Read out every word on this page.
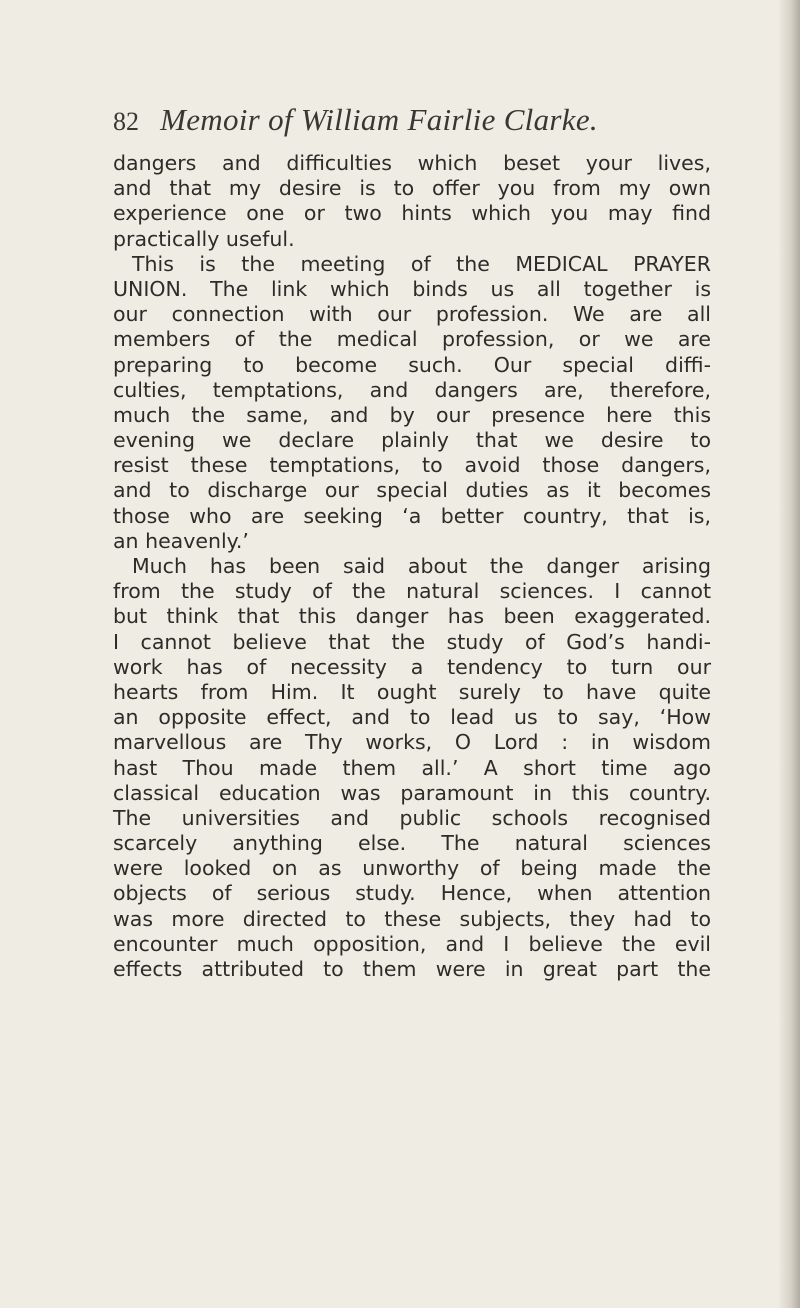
82 Memoir of William Fairlie Clarke.
dangers and difficulties which beset your lives,
and that my desire is to offer you from my own
experience one or two hints which you may find
practically useful.
This is the meeting of the MEDICAL PRAYER
UNION. The link which binds us all together is
our connection with our profession. We are all
members of the medical profession, or we are
preparing to become such. Our special diffi-
culties, temptations, and dangers are, therefore,
much the same, and by our presence here this
evening we declare plainly that we desire to
resist these temptations, to avoid those dangers,
and to discharge our special duties as it becomes
those who are seeking ‘a better country, that is,
an heavenly.’
Much has been said about the danger arising
from the study of the natural sciences. I cannot
but think that this danger has been exaggerated.
I cannot believe that the study of God’s handi-
work has of necessity a tendency to turn our
hearts from Him. It ought surely to have quite
an opposite effect, and to lead us to say, ‘How
marvellous are Thy works, O Lord : in wisdom
hast Thou made them all.’ A short time ago
classical education was paramount in this country.
The universities and public schools recognised
scarcely anything else. The natural sciences
were looked on as unworthy of being made the
objects of serious study. Hence, when attention
was more directed to these subjects, they had to
encounter much opposition, and I believe the evil
effects attributed to them were in great part the
